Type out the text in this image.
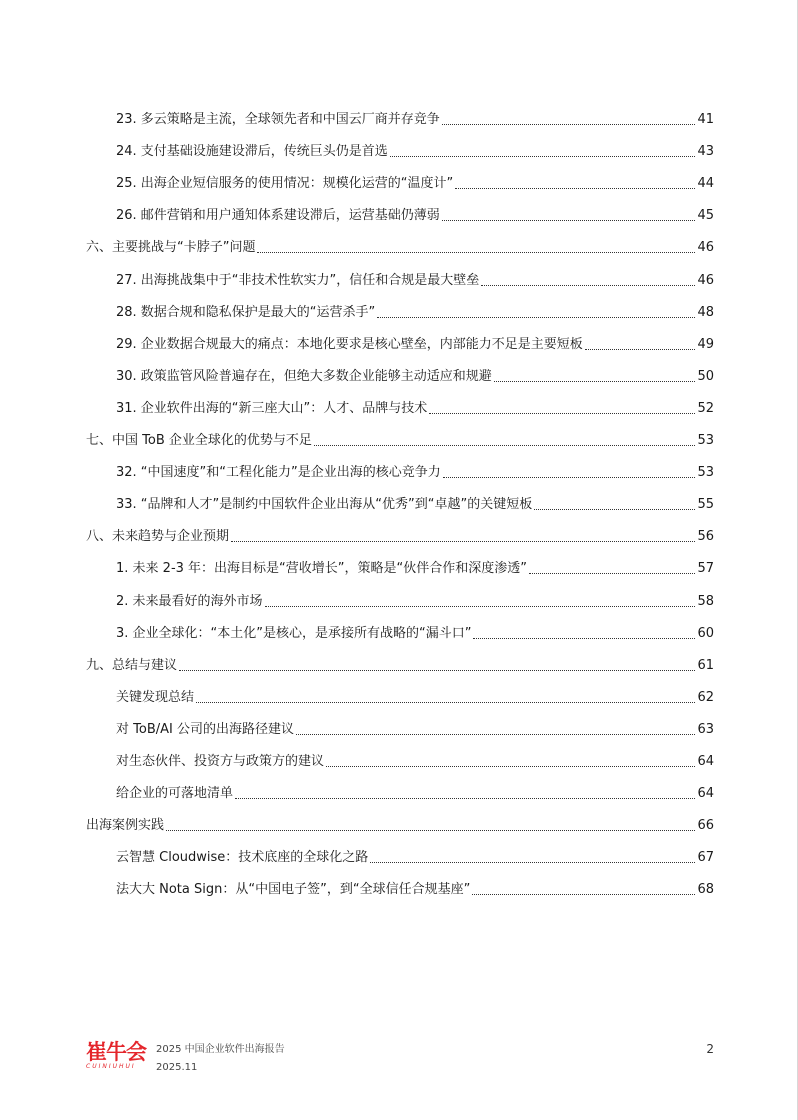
23. 多云策略是主流，全球领先者和中国云厂商并存竞争	41
24. 支付基础设施建设滞后，传统巨头仍是首选	43
25. 出海企业短信服务的使用情况：规模化运营的“温度计”	44
26. 邮件营销和用户通知体系建设滞后，运营基础仍薄弱	45
六、主要挑战与“卡脖子”问题	46
27. 出海挑战集中于“非技术性软实力”，信任和合规是最大壁垒	46
28. 数据合规和隐私保护是最大的“运营杀手”	48
29. 企业数据合规最大的痛点：本地化要求是核心壁垒，内部能力不足是主要短板	49
30. 政策监管风险普遍存在，但绝大多数企业能够主动适应和规避	50
31. 企业软件出海的“新三座大山”：人才、品牌与技术	52
七、中国 ToB 企业全球化的优势与不足	53
32. “中国速度”和“工程化能力”是企业出海的核心竞争力	53
33. “品牌和人才”是制约中国软件企业出海从“优秀”到“卓越”的关键短板	55
八、未来趋势与企业预期	56
1. 未来 2-3 年：出海目标是“营收增长”，策略是“伙伴合作和深度渗透”	57
2. 未来最看好的海外市场	58
3. 企业全球化：“本土化”是核心，是承接所有战略的“漏斗口”	60
九、总结与建议	61
关键发现总结	62
对 ToB/AI 公司的出海路径建议	63
对生态伙伴、投资方与政策方的建议	64
给企业的可落地清单	64
出海案例实践	66
云智慧 Cloudwise：技术底座的全球化之路	67
法大大 Nota Sign：从“中国电子签”，到“全球信任合规基座”	68
崔牛会
CUINIUHUI
2025 中国企业软件出海报告
2025.11
2
